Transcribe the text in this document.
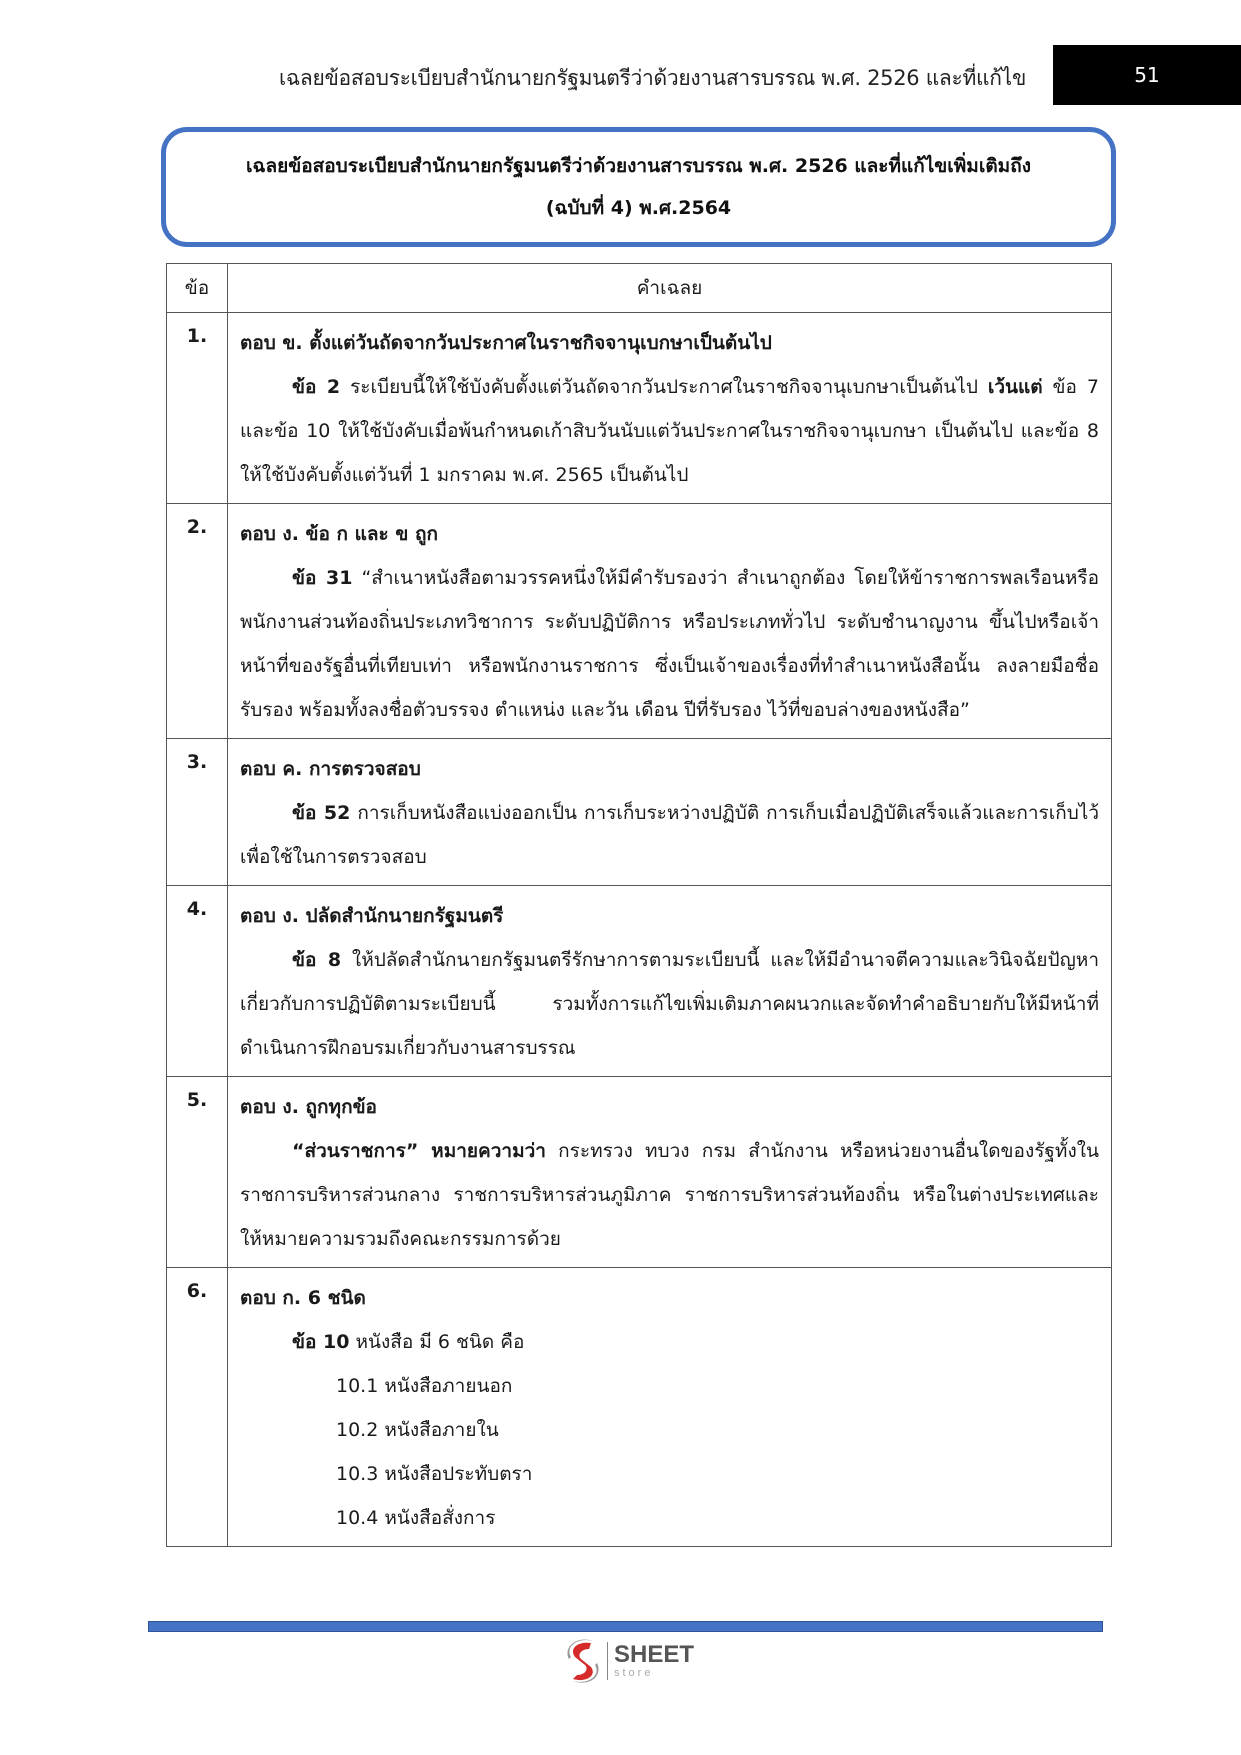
เฉลยข้อสอบระเบียบสำนักนายกรัฐมนตรีว่าด้วยงานสารบรรณ พ.ศ. 2526 และที่แก้ไข	51
เฉลยข้อสอบระเบียบสำนักนายกรัฐมนตรีว่าด้วยงานสารบรรณ พ.ศ. 2526 และที่แก้ไขเพิ่มเติมถึง
(ฉบับที่ 4) พ.ศ.2564
ข้อ	คำเฉลย
1.	ตอบ ข. ตั้งแต่วันถัดจากวันประกาศในราชกิจจานุเบกษาเป็นต้นไป
ข้อ 2 ระเบียบนี้ให้ใช้บังคับตั้งแต่วันถัดจากวันประกาศในราชกิจจานุเบกษาเป็นต้นไป เว้นแต่ ข้อ 7 และข้อ 10 ให้ใช้บังคับเมื่อพ้นกำหนดเก้าสิบวันนับแต่วันประกาศในราชกิจจานุเบกษา เป็นต้นไป และข้อ 8 ให้ใช้บังคับตั้งแต่วันที่ 1 มกราคม พ.ศ. 2565 เป็นต้นไป

2.	ตอบ ง. ข้อ ก และ ข ถูก
ข้อ 31 “สำเนาหนังสือตามวรรคหนึ่งให้มีคำรับรองว่า สำเนาถูกต้อง โดยให้ข้าราชการพลเรือนหรือพนักงานส่วนท้องถิ่นประเภทวิชาการ ระดับปฏิบัติการ หรือประเภททั่วไป ระดับชำนาญงาน ขึ้นไปหรือเจ้าหน้าที่ของรัฐอื่นที่เทียบเท่า หรือพนักงานราชการ ซึ่งเป็นเจ้าของเรื่องที่ทำสำเนาหนังสือนั้น ลงลายมือชื่อรับรอง พร้อมทั้งลงชื่อตัวบรรจง ตำแหน่ง และวัน เดือน ปีที่รับรอง ไว้ที่ขอบล่างของหนังสือ”

3.	ตอบ ค. การตรวจสอบ
ข้อ 52 การเก็บหนังสือแบ่งออกเป็น การเก็บระหว่างปฏิบัติ การเก็บเมื่อปฏิบัติเสร็จแล้วและการเก็บไว้เพื่อใช้ในการตรวจสอบ

4.	ตอบ ง. ปลัดสำนักนายกรัฐมนตรี
ข้อ 8 ให้ปลัดสำนักนายกรัฐมนตรีรักษาการตามระเบียบนี้ และให้มีอำนาจตีความและวินิจฉัยปัญหาเกี่ยวกับการปฏิบัติตามระเบียบนี้ รวมทั้งการแก้ไขเพิ่มเติมภาคผนวกและจัดทำคำอธิบายกับให้มีหน้าที่ดำเนินการฝึกอบรมเกี่ยวกับงานสารบรรณ

5.	ตอบ ง. ถูกทุกข้อ
“ส่วนราชการ” หมายความว่า กระทรวง ทบวง กรม สำนักงาน หรือหน่วยงานอื่นใดของรัฐทั้งในราชการบริหารส่วนกลาง ราชการบริหารส่วนภูมิภาค ราชการบริหารส่วนท้องถิ่น หรือในต่างประเทศและให้หมายความรวมถึงคณะกรรมการด้วย

6.	ตอบ ก. 6 ชนิด
ข้อ 10 หนังสือ มี 6 ชนิด คือ
10.1 หนังสือภายนอก
10.2 หนังสือภายใน
10.3 หนังสือประทับตรา
10.4 หนังสือสั่งการ
SHEET
store
